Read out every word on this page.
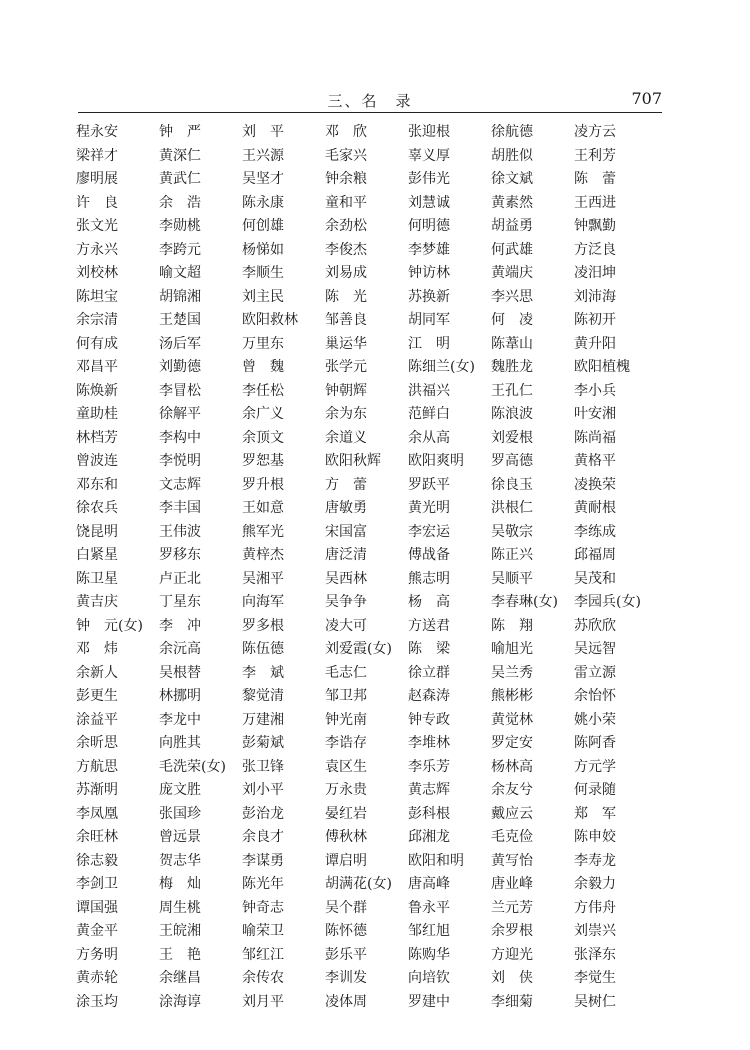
三、名　录	707
程永安	钟　严	刘　平	邓　欣	张迎根	徐航德	凌方云
梁祥才	黄深仁	王兴源	毛家兴	辜义厚	胡胜似	王利芳
廖明展	黄武仁	吴坚才	钟余粮	彭伟光	徐文斌	陈　蕾
许　良	余　浩	陈永康	童和平	刘慧诚	黄素然	王西进
张文光	李勋桃	何创雄	余劲松	何明德	胡益勇	钟飘勤
方永兴	李跨元	杨悌如	李俊杰	李梦雄	何武雄	方泛良
刘校林	喻文超	李顺生	刘易成	钟访林	黄端庆	凌汨坤
陈坦宝	胡锦湘	刘主民	陈　光	苏换新	李兴思	刘沛海
余宗清	王楚国	欧阳救林	邹善良	胡同军	何　凌	陈初开
何有成	汤后军	万里东	巢运华	江　明	陈葦山	黄升阳
邓昌平	刘勤德	曾　魏	张学元	陈细兰(女)	魏胜龙	欧阳植槐
陈焕新	李冒松	李任松	钟朝辉	洪福兴	王孔仁	李小兵
童助桂	徐解平	余广义	余为东	范鲜白	陈浪波	叶安湘
林档芳	李构中	余顶文	余道义	余从高	刘爱根	陈尚福
曾波连	李悦明	罗恕基	欧阳秋辉	欧阳爽明	罗高德	黄格平
邓东和	文志辉	罗升根	方　蕾	罗跃平	徐良玉	凌换荣
徐农兵	李丰国	王如意	唐敏勇	黄光明	洪根仁	黄耐根
饶昆明	王伟波	熊军光	宋国富	李宏运	吴敬宗	李练成
白紧星	罗移东	黄梓杰	唐泛清	傅战备	陈正兴	邱福周
陈卫星	卢正北	吴湘平	吴西林	熊志明	吴顺平	吴茂和
黄吉庆	丁星东	向海军	吴争争	杨　高	李春琳(女)	李园兵(女)
钟　元(女)	李　冲	罗多根	凌大可	方送君	陈　翔	苏欣欣
邓　炜	余沅高	陈伍德	刘爱霞(女)	陈　梁	喻旭光	吴远智
余新人	吴根替	李　斌	毛志仁	徐立群	吴兰秀	雷立源
彭更生	林挪明	黎觉清	邹卫邦	赵森涛	熊彬彬	余怡怀
涂益平	李龙中	万建湘	钟光南	钟专政	黄觉林	姚小荣
余昕思	向胜其	彭菊斌	李诰存	李堆林	罗定安	陈阿香
方航思	毛洗荣(女)	张卫锋	袁区生	李乐芳	杨林高	方元学
苏渐明	庞文胜	刘小平	万永贵	黄志辉	余友兮	何录随
李凤凰	张国珍	彭治龙	晏红岩	彭科根	戴应云	郑　军
余旺林	曾远景	余良才	傅秋林	邱湘龙	毛克俭	陈申姣
徐志毅	贺志华	李谋勇	谭启明	欧阳和明	黄写怡	李寿龙
李剑卫	梅　灿	陈光年	胡满花(女)	唐高峰	唐业峰	余毅力
谭国强	周生桃	钟奇志	吴个群	鲁永平	兰元芳	方伟舟
黄金平	王皖湘	喻荣卫	陈怀德	邹红旭	余罗根	刘崇兴
方务明	王　艳	邹红江	彭乐平	陈购华	方迎光	张泽东
黄赤轮	余继昌	余传农	李训发	向培钦	刘　侠	李觉生
涂玉均	涂海谆	刘月平	凌体周	罗建中	李细菊	吴树仁
